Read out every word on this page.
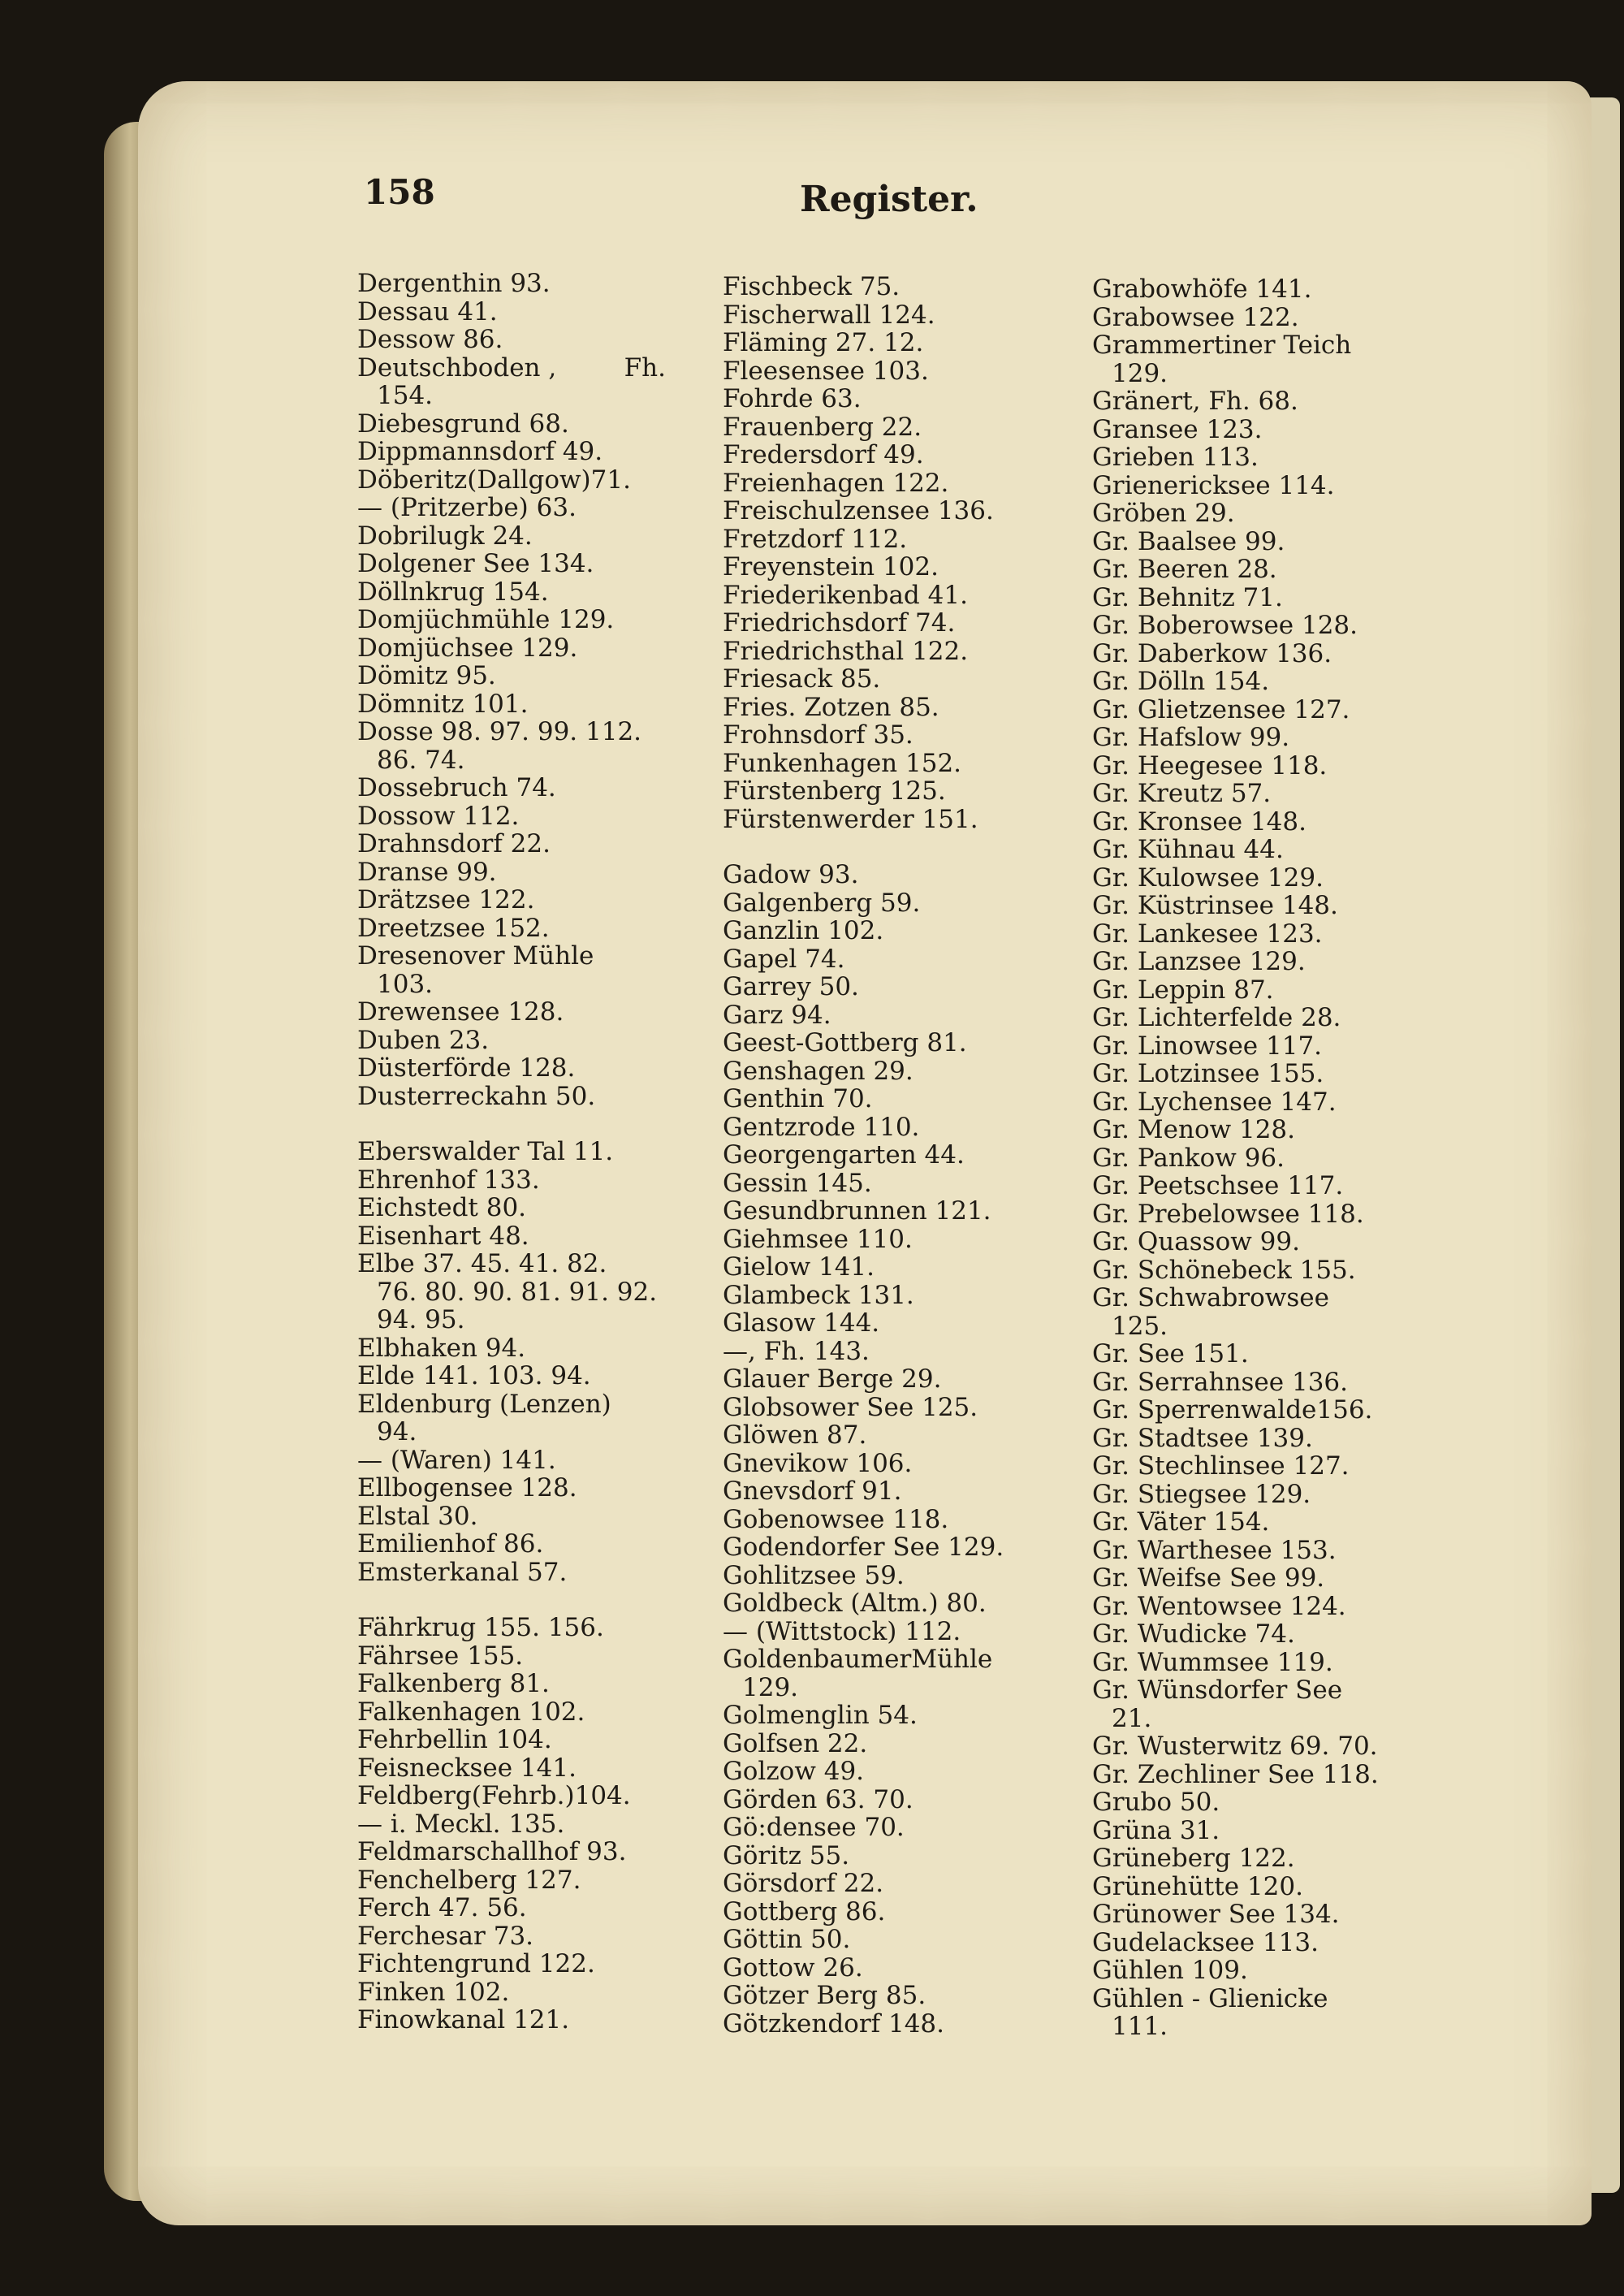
158	Register.
Dergenthin 93.
Dessau 41.
Dessow 86.
Deutschboden ,	Fh.
154.
Diebesgrund 68.
Dippmannsdorf 49.
Döberitz(Dallgow)71.
— (Pritzerbe) 63.
Dobrilugk 24.
Dolgener See 134.
Döllnkrug 154.
Domjüchmühle 129.
Domjüchsee 129.
Dömitz 95.
Dömnitz 101.
Dosse 98. 97. 99. 112.
86. 74.
Dossebruch 74.
Dossow 112.
Drahnsdorf 22.
Dranse 99.
Drätzsee 122.
Dreetzsee 152.
Dresenover Mühle
103.
Drewensee 128.
Duben 23.
Düsterförde 128.
Dusterreckahn 50.
Eberswalder Tal 11.
Ehrenhof 133.
Eichstedt 80.
Eisenhart 48.
Elbe 37. 45. 41. 82.
76. 80. 90. 81. 91. 92.
94. 95.
Elbhaken 94.
Elde 141. 103. 94.
Eldenburg (Lenzen)
94.
— (Waren) 141.
Ellbogensee 128.
Elstal 30.
Emilienhof 86.
Emsterkanal 57.
Fährkrug 155. 156.
Fährsee 155.
Falkenberg 81.
Falkenhagen 102.
Fehrbellin 104.
Feisnecksee 141.
Feldberg(Fehrb.)104.
— i. Meckl. 135.
Feldmarschallhof 93.
Fenchelberg 127.
Ferch 47. 56.
Ferchesar 73.
Fichtengrund 122.
Finken 102.
Finowkanal 121.
Fischbeck 75.
Fischerwall 124.
Fläming 27. 12.
Fleesensee 103.
Fohrde 63.
Frauenberg 22.
Fredersdorf 49.
Freienhagen 122.
Freischulzensee 136.
Fretzdorf 112.
Freyenstein 102.
Friederikenbad 41.
Friedrichsdorf 74.
Friedrichsthal 122.
Friesack 85.
Fries. Zotzen 85.
Frohnsdorf 35.
Funkenhagen 152.
Fürstenberg 125.
Fürstenwerder 151.
Gadow 93.
Galgenberg 59.
Ganzlin 102.
Gapel 74.
Garrey 50.
Garz 94.
Geest-Gottberg 81.
Genshagen 29.
Genthin 70.
Gentzrode 110.
Georgengarten 44.
Gessin 145.
Gesundbrunnen 121.
Giehmsee 110.
Gielow 141.
Glambeck 131.
Glasow 144.
—, Fh. 143.
Glauer Berge 29.
Globsower See 125.
Glöwen 87.
Gnevikow 106.
Gnevsdorf 91.
Gobenowsee 118.
Godendorfer See 129.
Gohlitzsee 59.
Goldbeck (Altm.) 80.
— (Wittstock) 112.
GoldenbaumerMühle
129.
Golmenglin 54.
Golfsen 22.
Golzow 49.
Görden 63. 70.
Gö:densee 70.
Göritz 55.
Görsdorf 22.
Gottberg 86.
Göttin 50.
Gottow 26.
Götzer Berg 85.
Götzkendorf 148.
Grabowhöfe 141.
Grabowsee 122.
Grammertiner Teich
129.
Gränert, Fh. 68.
Gransee 123.
Grieben 113.
Grienericksee 114.
Gröben 29.
Gr. Baalsee 99.
Gr. Beeren 28.
Gr. Behnitz 71.
Gr. Boberowsee 128.
Gr. Daberkow 136.
Gr. Dölln 154.
Gr. Glietzensee 127.
Gr. Hafslow 99.
Gr. Heegesee 118.
Gr. Kreutz 57.
Gr. Kronsee 148.
Gr. Kühnau 44.
Gr. Kulowsee 129.
Gr. Küstrinsee 148.
Gr. Lankesee 123.
Gr. Lanzsee 129.
Gr. Leppin 87.
Gr. Lichterfelde 28.
Gr. Linowsee 117.
Gr. Lotzinsee 155.
Gr. Lychensee 147.
Gr. Menow 128.
Gr. Pankow 96.
Gr. Peetschsee 117.
Gr. Prebelowsee 118.
Gr. Quassow 99.
Gr. Schönebeck 155.
Gr. Schwabrowsee
125.
Gr. See 151.
Gr. Serrahnsee 136.
Gr. Sperrenwalde156.
Gr. Stadtsee 139.
Gr. Stechlinsee 127.
Gr. Stiegsee 129.
Gr. Väter 154.
Gr. Warthesee 153.
Gr. Weifse See 99.
Gr. Wentowsee 124.
Gr. Wudicke 74.
Gr. Wummsee 119.
Gr. Wünsdorfer See
21.
Gr. Wusterwitz 69. 70.
Gr. Zechliner See 118.
Grubo 50.
Grüna 31.
Grüneberg 122.
Grünehütte 120.
Grünower See 134.
Gudelacksee 113.
Gühlen 109.
Gühlen - Glienicke
111.
